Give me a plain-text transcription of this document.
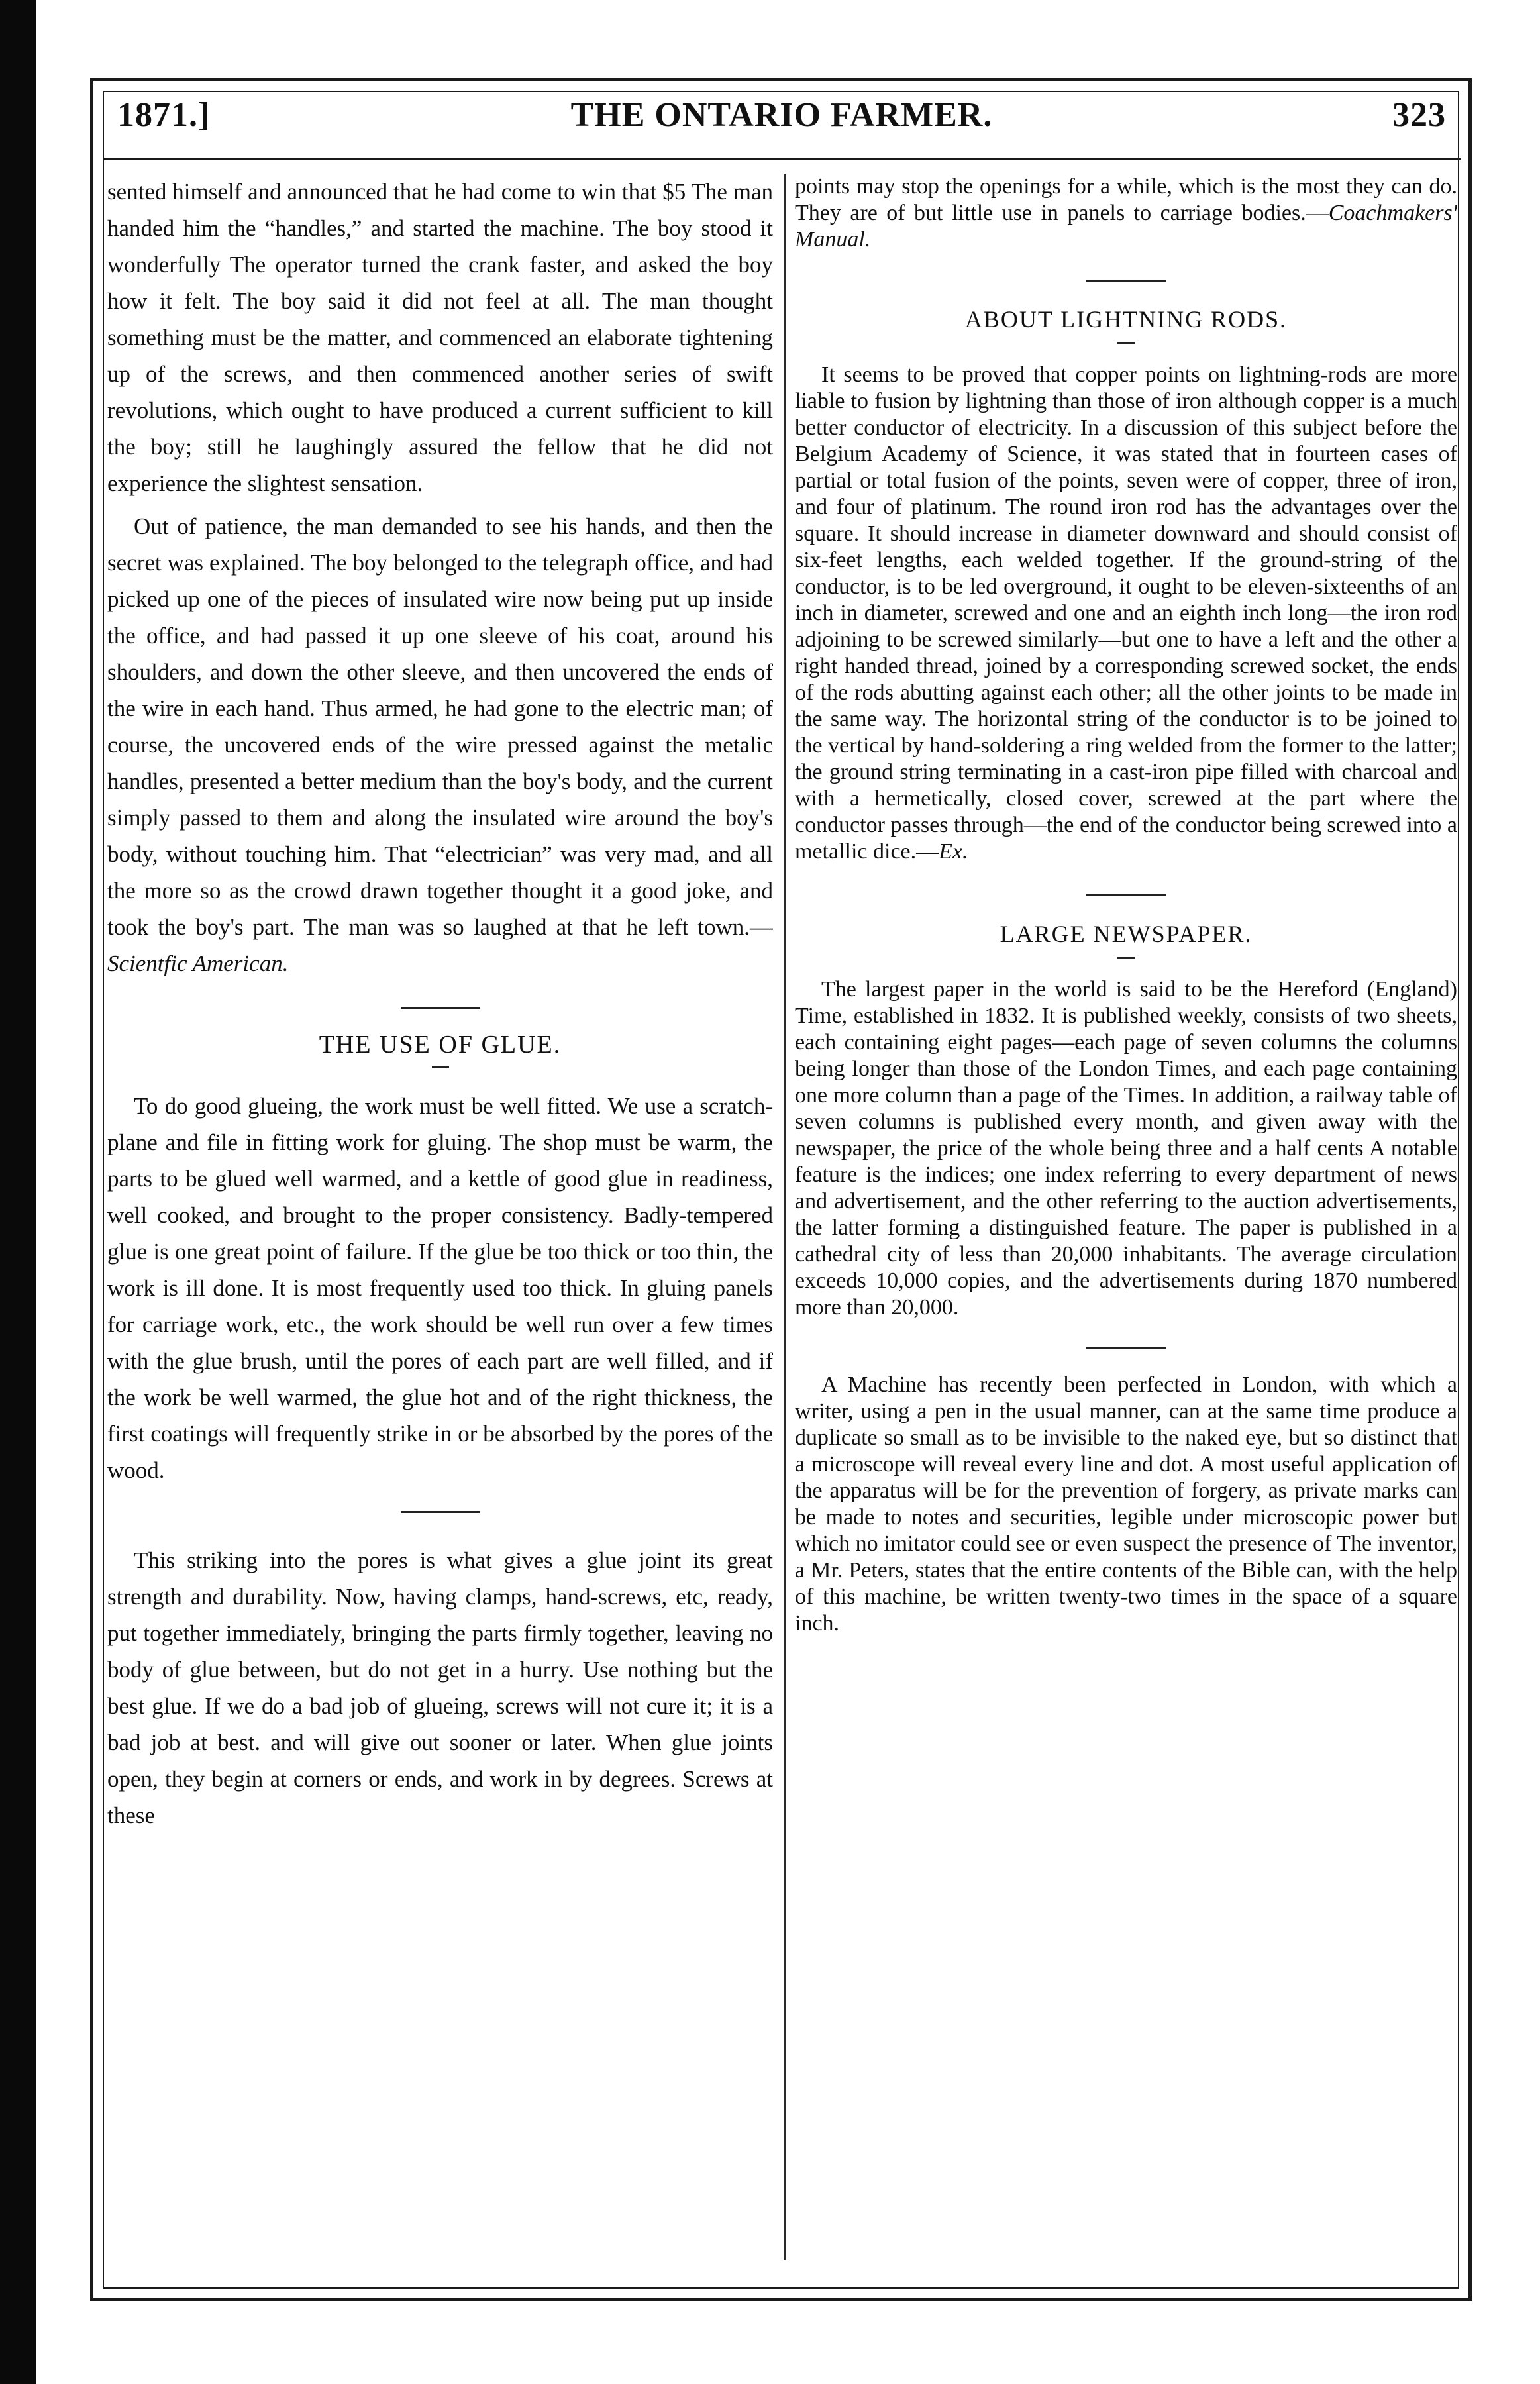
1871.]	THE ONTARIO FARMER.	323

sented himself and announced that he had come to win that $5 The man handed him the “handles,” and started the machine. The boy stood it wonderfully The operator turned the crank faster, and asked the boy how it felt. The boy said it did not feel at all. The man thought something must be the matter, and commenced an elaborate tightening up of the screws, and then commenced another series of swift revolutions, which ought to have produced a current sufficient to kill the boy; still he laughingly assured the fellow that he did not experience the slightest sensation.

Out of patience, the man demanded to see his hands, and then the secret was explained. The boy belonged to the telegraph office, and had picked up one of the pieces of insulated wire now being put up inside the office, and had passed it up one sleeve of his coat, around his shoulders, and down the other sleeve, and then uncovered the ends of the wire in each hand. Thus armed, he had gone to the electric man; of course, the uncovered ends of the wire pressed against the metalic handles, presented a better medium than the boy's body, and the current simply passed to them and along the insulated wire around the boy's body, without touching him. That “electrician” was very mad, and all the more so as the crowd drawn together thought it a good joke, and took the boy's part. The man was so laughed at that he left town.—Scientfic American.

THE USE OF GLUE.

To do good glueing, the work must be well fitted. We use a scratch-plane and file in fitting work for gluing. The shop must be warm, the parts to be glued well warmed, and a kettle of good glue in readiness, well cooked, and brought to the proper consistency. Badly-tempered glue is one great point of failure. If the glue be too thick or too thin, the work is ill done. It is most frequently used too thick. In gluing panels for carriage work, etc., the work should be well run over a few times with the glue brush, until the pores of each part are well filled, and if the work be well warmed, the glue hot and of the right thickness, the first coatings will frequently strike in or be absorbed by the pores of the wood.

This striking into the pores is what gives a glue joint its great strength and durability. Now, having clamps, hand-screws, etc, ready, put together immediately, bringing the parts firmly together, leaving no body of glue between, but do not get in a hurry. Use nothing but the best glue. If we do a bad job of glueing, screws will not cure it; it is a bad job at best. and will give out sooner or later. When glue joints open, they begin at corners or ends, and work in by degrees. Screws at these

points may stop the openings for a while, which is the most they can do. They are of but little use in panels to carriage bodies.—Coachmakers' Manual.

ABOUT LIGHTNING RODS.

It seems to be proved that copper points on lightning-rods are more liable to fusion by lightning than those of iron although copper is a much better conductor of electricity. In a discussion of this subject before the Belgium Academy of Science, it was stated that in fourteen cases of partial or total fusion of the points, seven were of copper, three of iron, and four of platinum. The round iron rod has the advantages over the square. It should increase in diameter downward and should consist of six-feet lengths, each welded together. If the ground-string of the conductor, is to be led overground, it ought to be eleven-sixteenths of an inch in diameter, screwed and one and an eighth inch long—the iron rod adjoining to be screwed similarly—but one to have a left and the other a right handed thread, joined by a corresponding screwed socket, the ends of the rods abutting against each other; all the other joints to be made in the same way. The horizontal string of the conductor is to be joined to the vertical by hand-soldering a ring welded from the former to the latter; the ground string terminating in a cast-iron pipe filled with charcoal and with a hermetically, closed cover, screwed at the part where the conductor passes through—the end of the conductor being screwed into a metallic dice.—Ex.

LARGE NEWSPAPER.

The largest paper in the world is said to be the Hereford (England) Time, established in 1832. It is published weekly, consists of two sheets, each containing eight pages—each page of seven columns the columns being longer than those of the London Times, and each page containing one more column than a page of the Times. In addition, a railway table of seven columns is published every month, and given away with the newspaper, the price of the whole being three and a half cents A notable feature is the indices; one index referring to every department of news and advertisement, and the other referring to the auction advertisements, the latter forming a distinguished feature. The paper is published in a cathedral city of less than 20,000 inhabitants. The average circulation exceeds 10,000 copies, and the advertisements during 1870 numbered more than 20,000.

A Machine has recently been perfected in London, with which a writer, using a pen in the usual manner, can at the same time produce a duplicate so small as to be invisible to the naked eye, but so distinct that a microscope will reveal every line and dot. A most useful application of the apparatus will be for the prevention of forgery, as private marks can be made to notes and securities, legible under microscopic power but which no imitator could see or even suspect the presence of The inventor, a Mr. Peters, states that the entire contents of the Bible can, with the help of this machine, be written twenty-two times in the space of a square inch.
